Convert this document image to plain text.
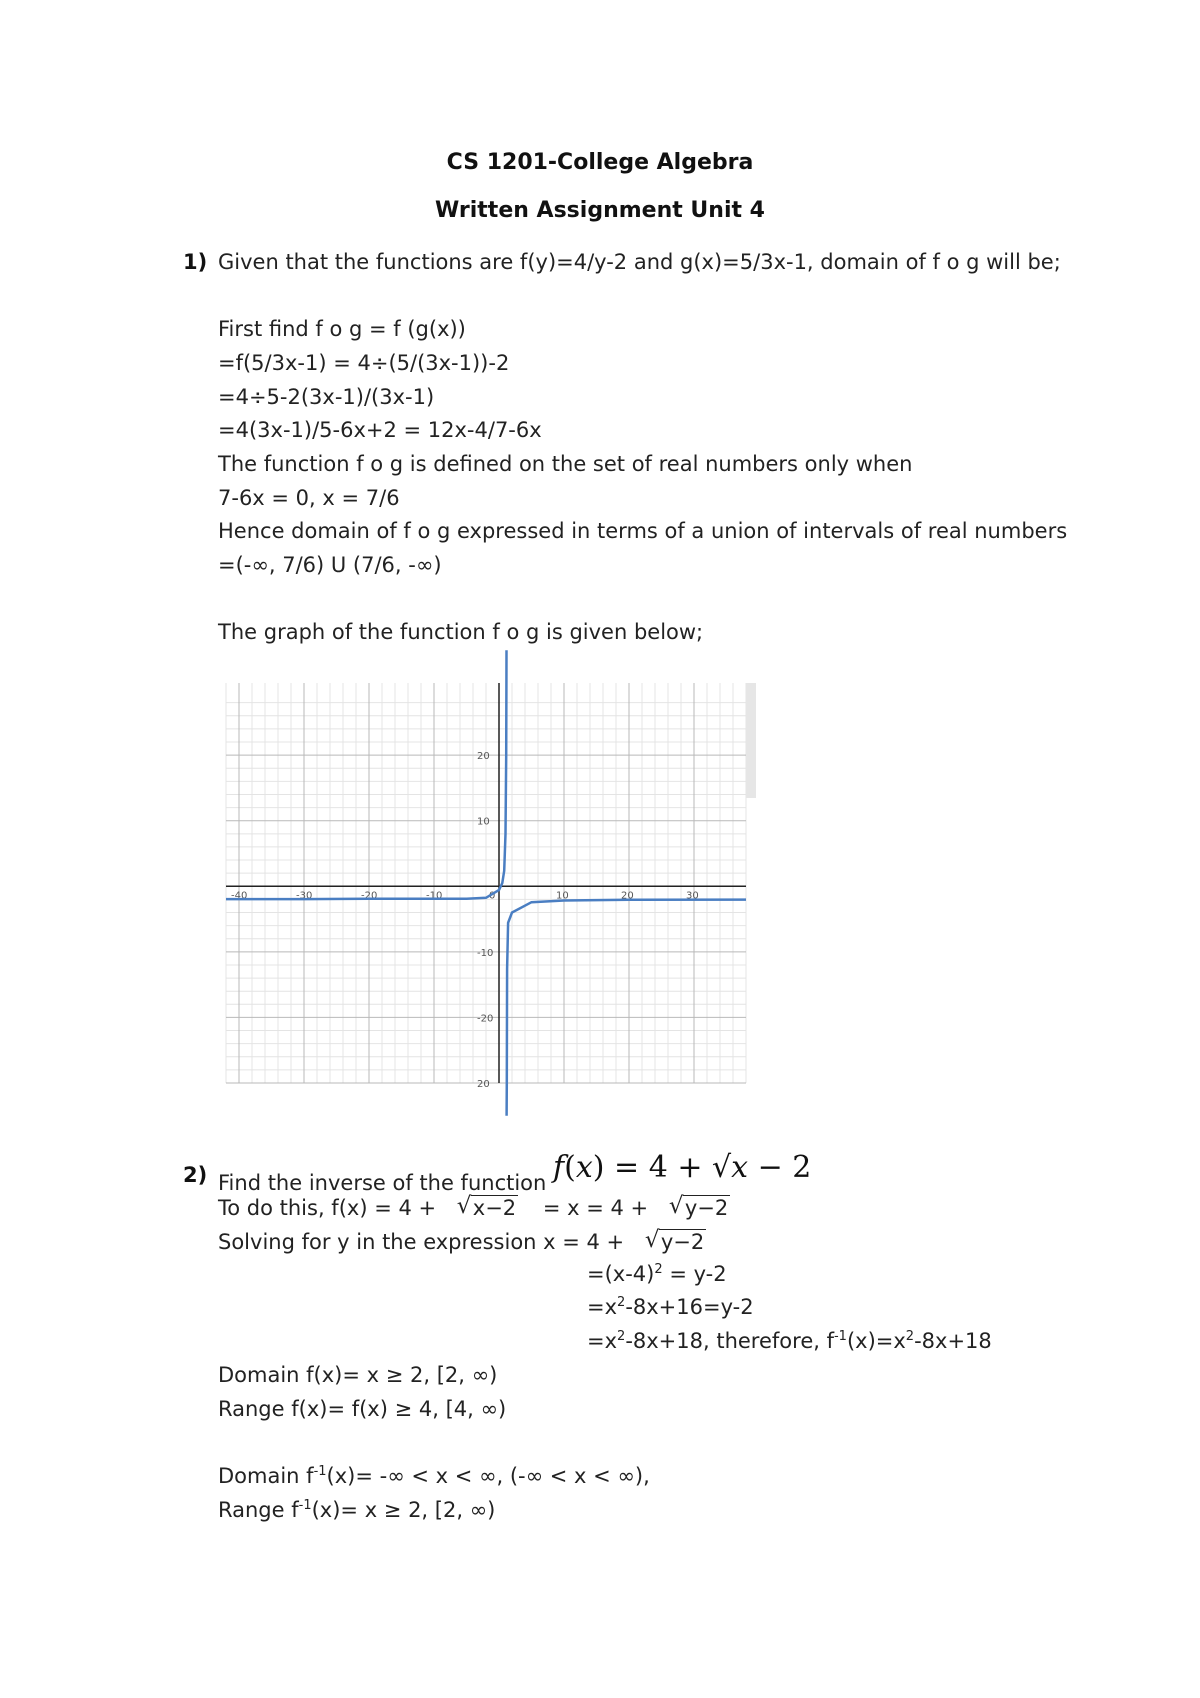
CS 1201-College Algebra
Written Assignment Unit 4
1) Given that the functions are f(y)=4/y-2 and g(x)=5/3x-1, domain of f o g will be;
First find f o g = f (g(x))
=f(5/3x-1) = 4÷(5/(3x-1))-2
=4÷5-2(3x-1)/(3x-1)
=4(3x-1)/5-6x+2 = 12x-4/7-6x
The function f o g is defined on the set of real numbers only when
7-6x = 0, x = 7/6
Hence domain of f o g expressed in terms of a union of intervals of real numbers
=(-∞, 7/6) U (7/6, -∞)
The graph of the function f o g is given below;
-40	-30	-20	-10	0	10	20	30
20
10
-10
-20
20
2) Find the inverse of the function f(x) = 4 + √x − 2
To do this, f(x) = 4 + √ x−2 = x = 4 + √ y−2
Solving for y in the expression x = 4 + √ y−2
$=(x-4)^2 = y-2$
$=x^2-8x+16=y-2$
$=x^2-8x+18$, therefore, $f^{-1}(x)=x^2-8x+18$
Domain f(x)= x ≥ 2, [2, ∞)
Range f(x)= f(x) ≥ 4, [4, ∞)
Domain $f^{-1}(x)=$ -∞ < x < ∞, (-∞ < x < ∞),
Range $f^{-1}(x)= x \ge 2$, [2, ∞)
